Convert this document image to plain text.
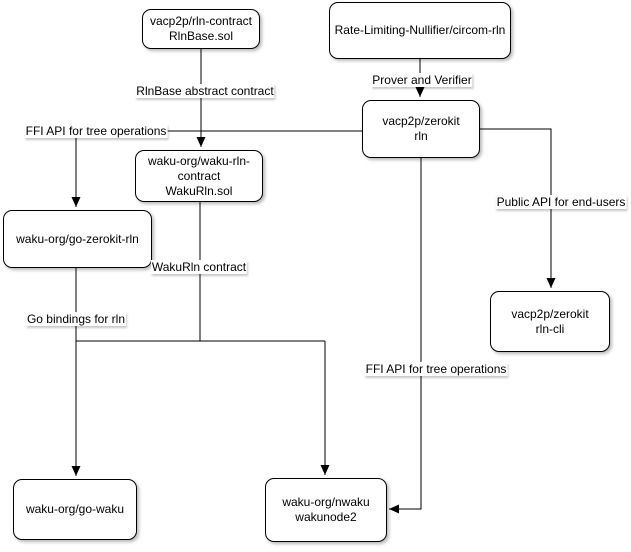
vacp2p/rln-contract
RlnBase.sol	Rate-Limiting-Nullifier/circom-rln
vacp2p/zerokit
rln
waku-org/waku-rln-
contract
WakuRln.sol
waku-org/go-zerokit-rln
vacp2p/zerokit
rln-cli
waku-org/go-waku	waku-org/nwaku
wakunode2
RlnBase abstract contract
Prover and Verifier
FFI API for tree operations
Public API for end-users
WakuRln contract
Go bindings for rln
FFI API for tree operations
